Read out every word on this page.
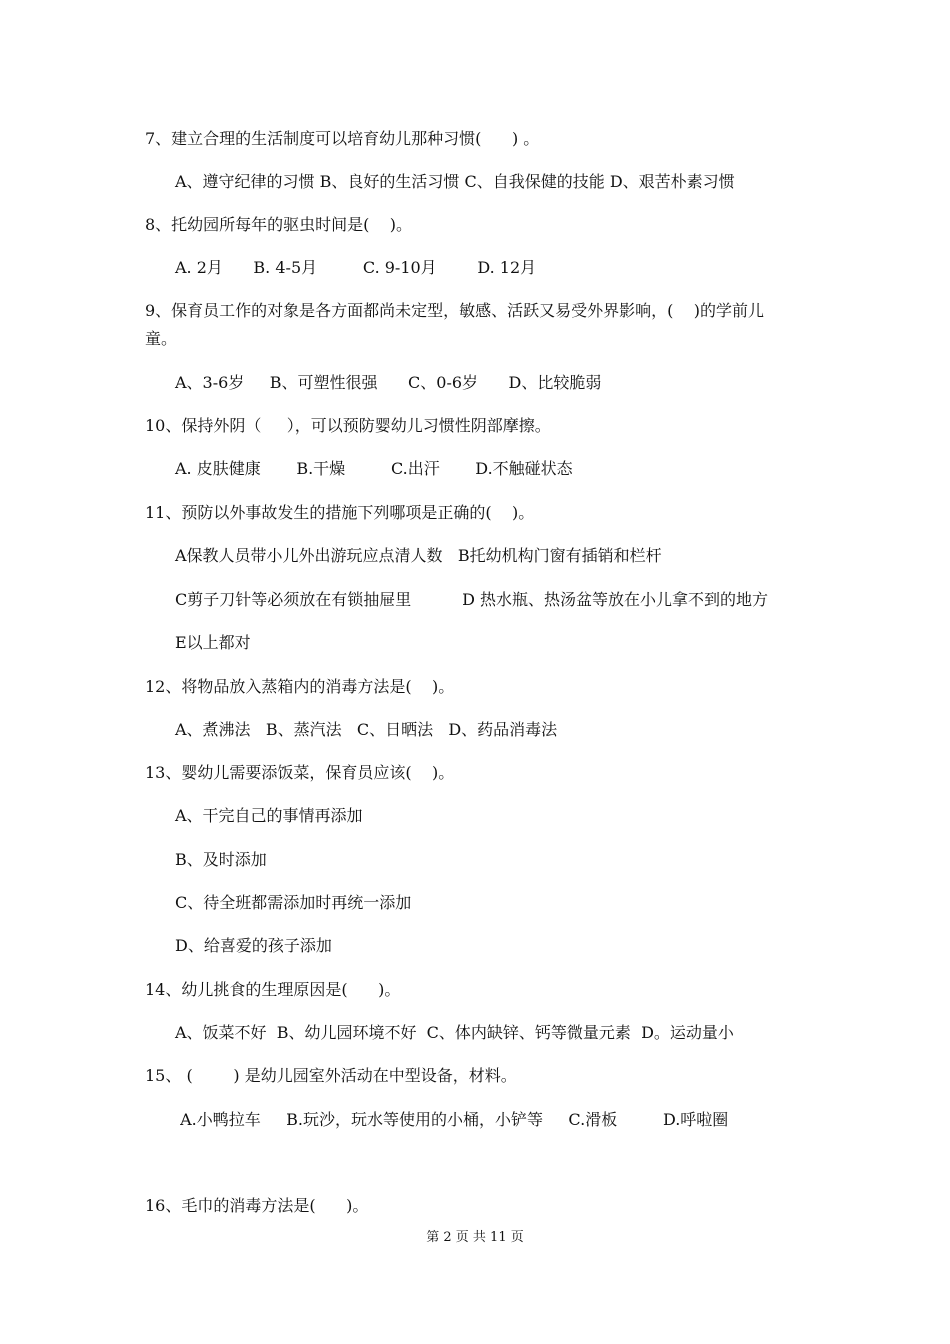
7、建立合理的生活制度可以培育幼儿那种习惯(      ) 。
A、遵守纪律的习惯 B、良好的生活习惯 C、自我保健的技能 D、艰苦朴素习惯
8、托幼园所每年的驱虫时间是(    )。
A. 2月      B. 4-5月         C. 9-10月        D. 12月
9、保育员工作的对象是各方面都尚未定型，敏感、活跃又易受外界影响，(    )的学前儿
童。
A、3-6岁     B、可塑性很强      C、0-6岁      D、比较脆弱
10、保持外阴（     ），可以预防婴幼儿习惯性阴部摩擦。
A. 皮肤健康       B.干燥         C.出汗       D.不触碰状态
11、预防以外事故发生的措施下列哪项是正确的(    )。
A保教人员带小儿外出游玩应点清人数   B托幼机构门窗有插销和栏杆
C剪子刀针等必须放在有锁抽屉里          D 热水瓶、热汤盆等放在小儿拿不到的地方
E以上都对
12、将物品放入蒸箱内的消毒方法是(    )。
A、煮沸法   B、蒸汽法   C、日晒法   D、药品消毒法
13、婴幼儿需要添饭菜，保育员应该(    )。
A、干完自己的事情再添加
B、及时添加
C、待全班都需添加时再统一添加
D、给喜爱的孩子添加
14、幼儿挑食的生理原因是(      )。
A、饭菜不好  B、幼儿园环境不好  C、体内缺锌、钙等微量元素  D。运动量小
15、 (        ) 是幼儿园室外活动在中型设备，材料。
A.小鸭拉车     B.玩沙，玩水等使用的小桶，小铲等     C.滑板         D.呼啦圈
16、毛巾的消毒方法是(      )。
第 2 页 共 11 页
